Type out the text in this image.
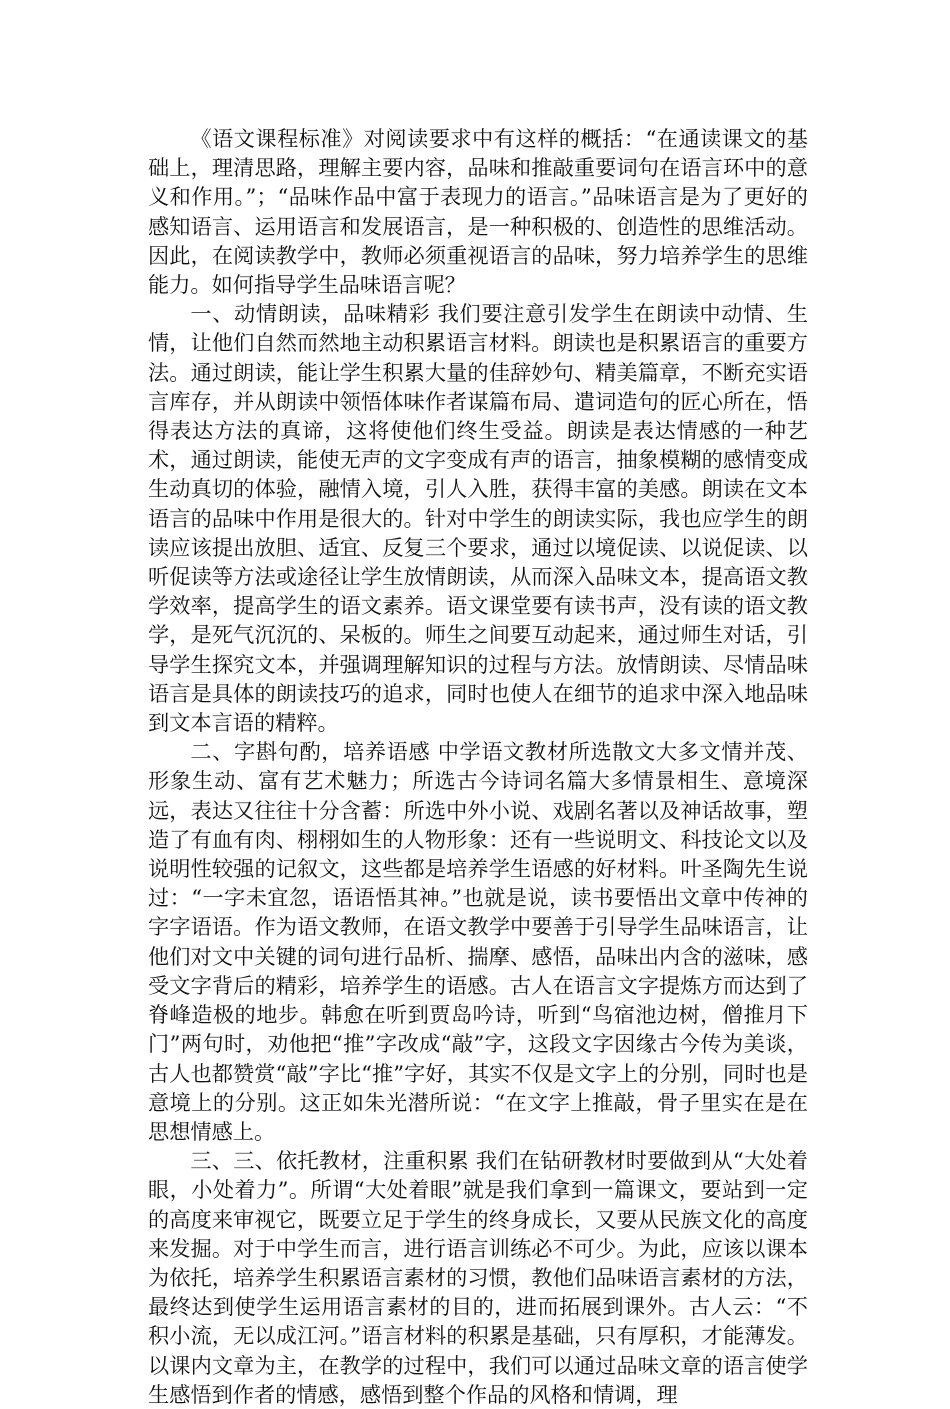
《语文课程标准》对阅读要求中有这样的概括：“在通读课文的基础上，理清思路，理解主要内容，品味和推敲重要词句在语言环中的意义和作用。”；“品味作品中富于表现力的语言。”品味语言是为了更好的感知语言、运用语言和发展语言，是一种积极的、创造性的思维活动。因此，在阅读教学中，教师必须重视语言的品味，努力培养学生的思维能力。如何指导学生品味语言呢？

一、动情朗读，品味精彩 我们要注意引发学生在朗读中动情、生情，让他们自然而然地主动积累语言材料。朗读也是积累语言的重要方法。通过朗读，能让学生积累大量的佳辞妙句、精美篇章，不断充实语言库存，并从朗读中领悟体味作者谋篇布局、遣词造句的匠心所在，悟得表达方法的真谛，这将使他们终生受益。朗读是表达情感的一种艺术，通过朗读，能使无声的文字变成有声的语言，抽象模糊的感情变成生动真切的体验，融情入境，引人入胜，获得丰富的美感。朗读在文本语言的品味中作用是很大的。针对中学生的朗读实际，我也应学生的朗读应该提出放胆、适宜、反复三个要求，通过以境促读、以说促读、以听促读等方法或途径让学生放情朗读，从而深入品味文本，提高语文教学效率，提高学生的语文素养。语文课堂要有读书声，没有读的语文教学，是死气沉沉的、呆板的。师生之间要互动起来，通过师生对话，引导学生探究文本，并强调理解知识的过程与方法。放情朗读、尽情品味语言是具体的朗读技巧的追求，同时也使人在细节的追求中深入地品味到文本言语的精粹。

二、字斟句酌，培养语感 中学语文教材所选散文大多文情并茂、形象生动、富有艺术魅力；所选古今诗词名篇大多情景相生、意境深远，表达又往往十分含蓄：所选中外小说、戏剧名著以及神话故事，塑造了有血有肉、栩栩如生的人物形象：还有一些说明文、科技论文以及说明性较强的记叙文，这些都是培养学生语感的好材料。叶圣陶先生说过：“一字未宜忽，语语悟其神。”也就是说，读书要悟出文章中传神的字字语语。作为语文教师，在语文教学中要善于引导学生品味语言，让他们对文中关键的词句进行品析、揣摩、感悟，品味出内含的滋味，感受文字背后的精彩，培养学生的语感。古人在语言文字提炼方而达到了脊峰造极的地步。韩愈在听到贾岛吟诗，听到“鸟宿池边树，僧推月下门”两句时，劝他把“推”字改成“敲”字，这段文字因缘古今传为美谈，古人也都赞赏“敲”字比“推”字好，其实不仅是文字上的分别，同时也是意境上的分别。这正如朱光潜所说：“在文字上推敲，骨子里实在是在思想情感上。

三、三、依托教材，注重积累 我们在钻研教材时要做到从“大处着眼，小处着力”。所谓“大处着眼”就是我们拿到一篇课文，要站到一定的高度来审视它，既要立足于学生的终身成长，又要从民族文化的高度来发掘。对于中学生而言，进行语言训练必不可少。为此，应该以课本为依托，培养学生积累语言素材的习惯，教他们品味语言素材的方法，最终达到使学生运用语言素材的目的，进而拓展到课外。古人云：“不积小流，无以成江河。”语言材料的积累是基础，只有厚积，才能薄发。以课内文章为主，在教学的过程中，我们可以通过品味文章的语言使学生感悟到作者的情感，感悟到整个作品的风格和情调，理
